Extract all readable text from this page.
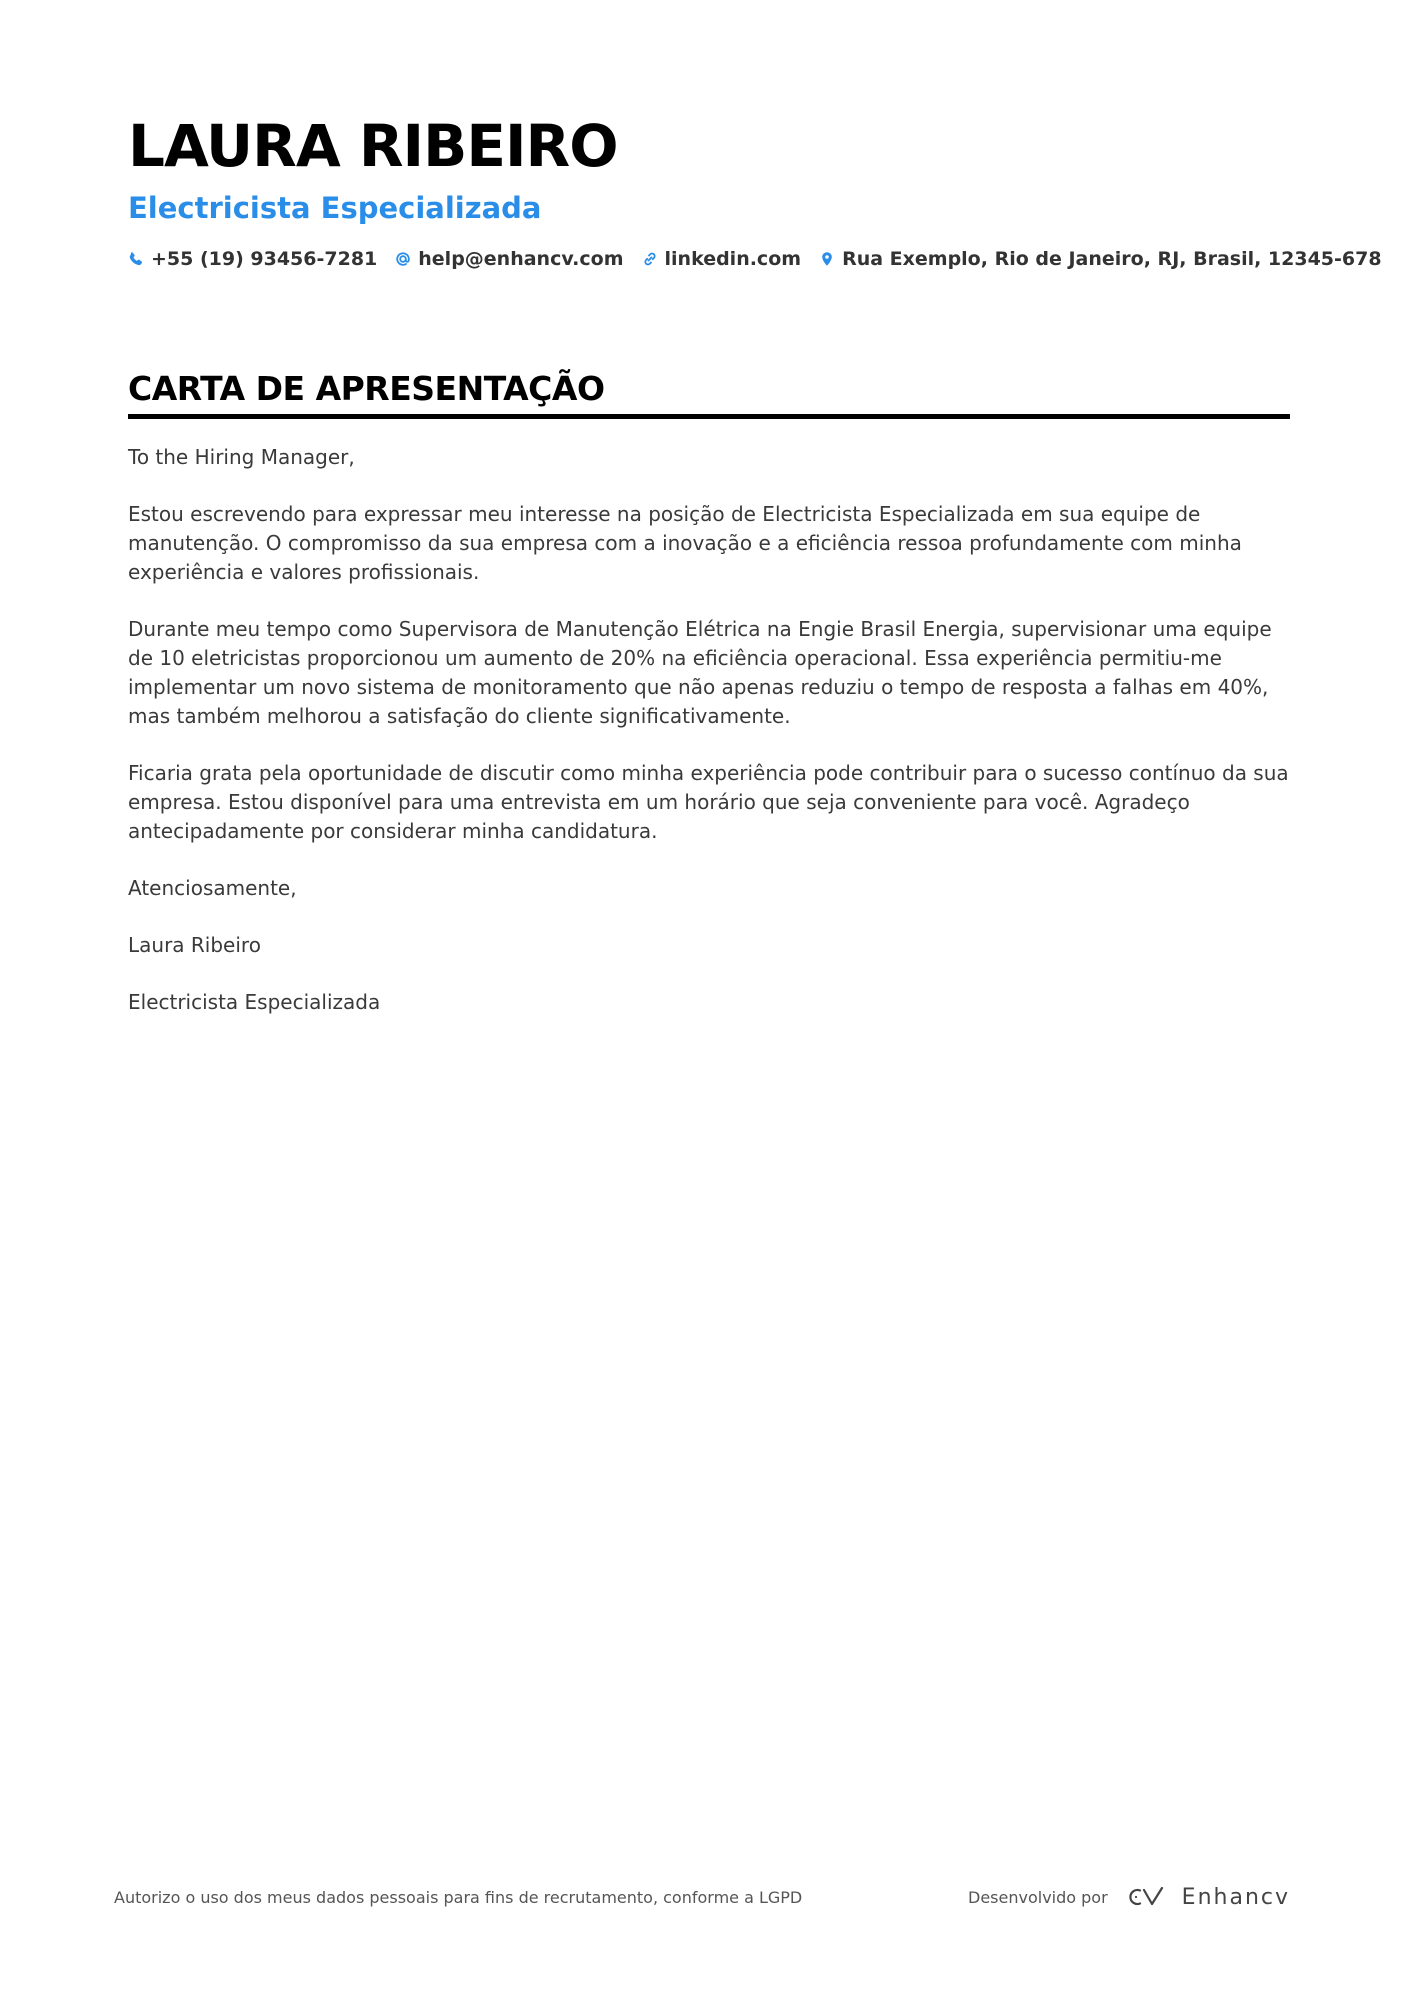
LAURA RIBEIRO
Electricista Especializada
+55 (19) 93456-7281 help@enhancv.com linkedin.com Rua Exemplo, Rio de Janeiro, RJ, Brasil, 12345-678
CARTA DE APRESENTAÇÃO

To the Hiring Manager,

Estou escrevendo para expressar meu interesse na posição de Electricista Especializada em sua equipe de manutenção. O compromisso da sua empresa com a inovação e a eficiência ressoa profundamente com minha experiência e valores profissionais.

Durante meu tempo como Supervisora de Manutenção Elétrica na Engie Brasil Energia, supervisionar uma equipe de 10 eletricistas proporcionou um aumento de 20% na eficiência operacional. Essa experiência permitiu-me implementar um novo sistema de monitoramento que não apenas reduziu o tempo de resposta a falhas em 40%, mas também melhorou a satisfação do cliente significativamente.

Ficaria grata pela oportunidade de discutir como minha experiência pode contribuir para o sucesso contínuo da sua empresa. Estou disponível para uma entrevista em um horário que seja conveniente para você. Agradeço antecipadamente por considerar minha candidatura.

Atenciosamente,

Laura Ribeiro

Electricista Especializada

Autorizo o uso dos meus dados pessoais para fins de recrutamento, conforme a LGPD	Desenvolvido por	Enhancv
